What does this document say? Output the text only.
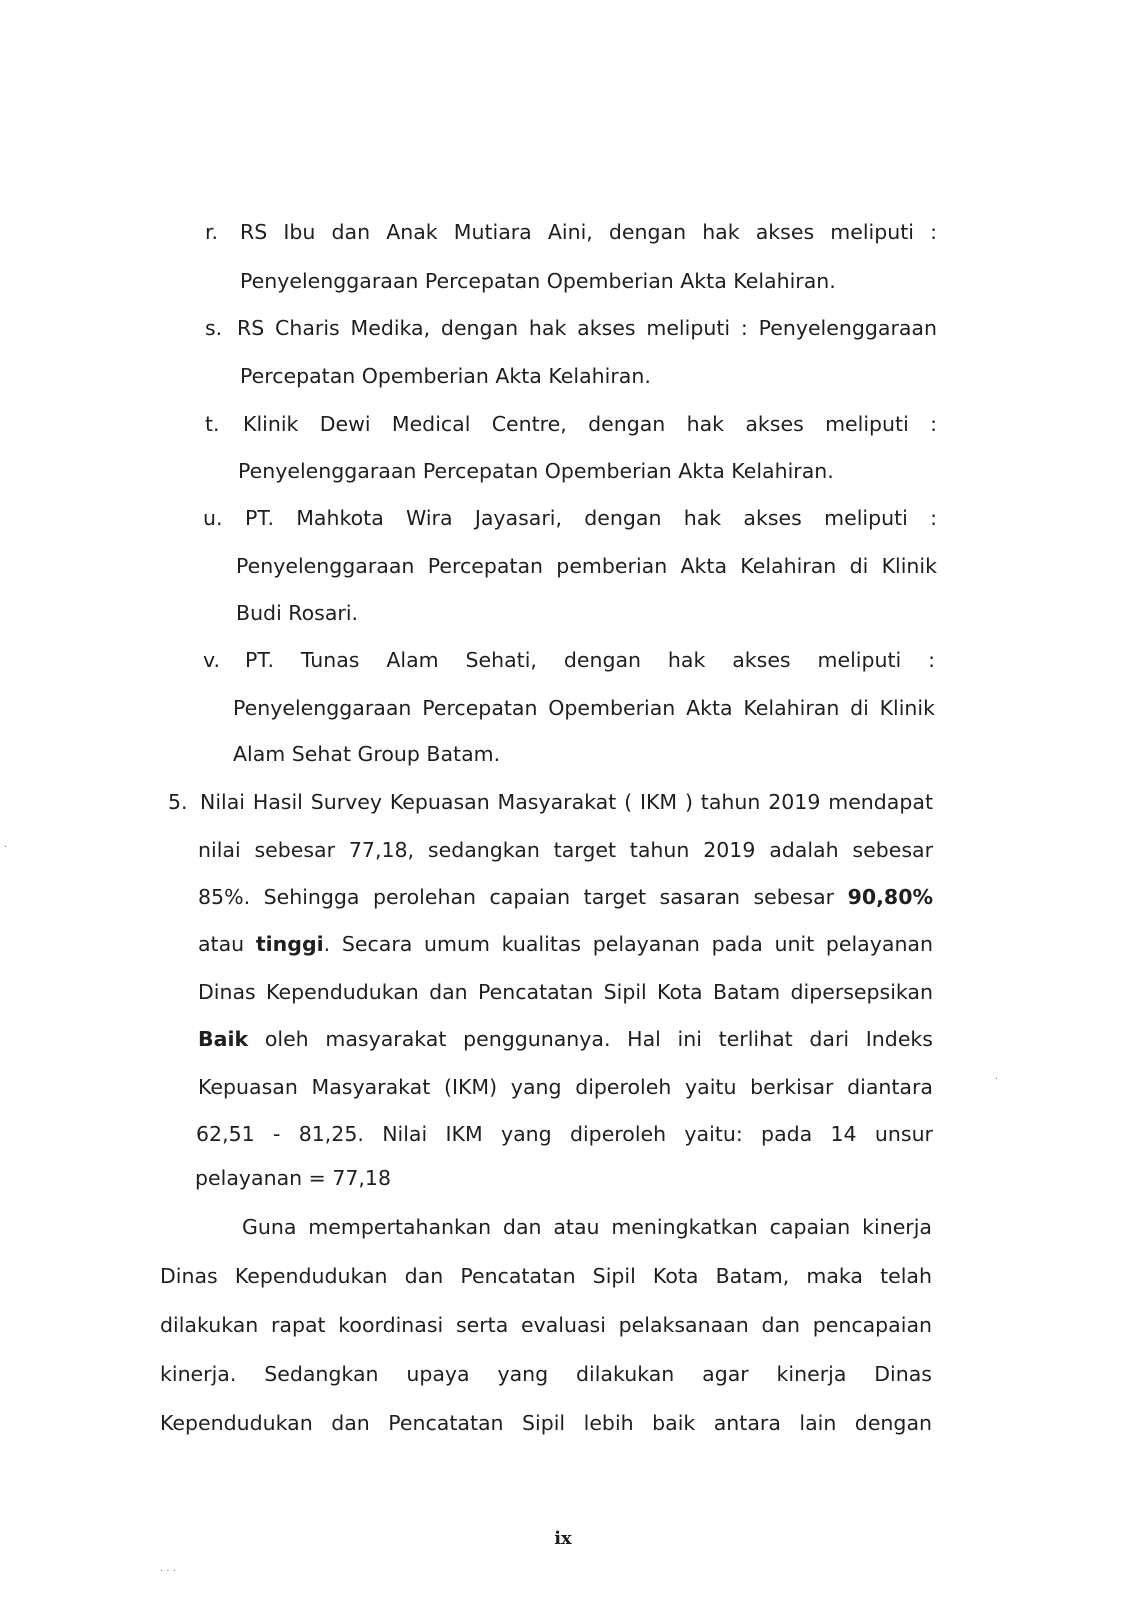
r. RS Ibu dan Anak Mutiara Aini, dengan hak akses meliputi :
Penyelenggaraan Percepatan Opemberian Akta Kelahiran.
s. RS Charis Medika, dengan hak akses meliputi : Penyelenggaraan
Percepatan Opemberian Akta Kelahiran.
t. Klinik Dewi Medical Centre, dengan hak akses meliputi :
Penyelenggaraan Percepatan Opemberian Akta Kelahiran.
u. PT. Mahkota Wira Jayasari, dengan hak akses meliputi :
Penyelenggaraan Percepatan pemberian Akta Kelahiran di Klinik
Budi Rosari.
v. PT. Tunas Alam Sehati, dengan hak akses meliputi :
Penyelenggaraan Percepatan Opemberian Akta Kelahiran di Klinik
Alam Sehat Group Batam.
5. Nilai Hasil Survey Kepuasan Masyarakat ( IKM ) tahun 2019 mendapat
nilai sebesar 77,18, sedangkan target tahun 2019 adalah sebesar
85%. Sehingga perolehan capaian target sasaran sebesar 90,80%
atau tinggi. Secara umum kualitas pelayanan pada unit pelayanan
Dinas Kependudukan dan Pencatatan Sipil Kota Batam dipersepsikan
Baik oleh masyarakat penggunanya. Hal ini terlihat dari Indeks
Kepuasan Masyarakat (IKM) yang diperoleh yaitu berkisar diantara
62,51 - 81,25. Nilai IKM yang diperoleh yaitu: pada 14 unsur
pelayanan = 77,18
Guna mempertahankan dan atau meningkatkan capaian kinerja
Dinas Kependudukan dan Pencatatan Sipil Kota Batam, maka telah
dilakukan rapat koordinasi serta evaluasi pelaksanaan dan pencapaian
kinerja. Sedangkan upaya yang dilakukan agar kinerja Dinas
Kependudukan dan Pencatatan Sipil lebih baik antara lain dengan
ix
·
· · ·
·
